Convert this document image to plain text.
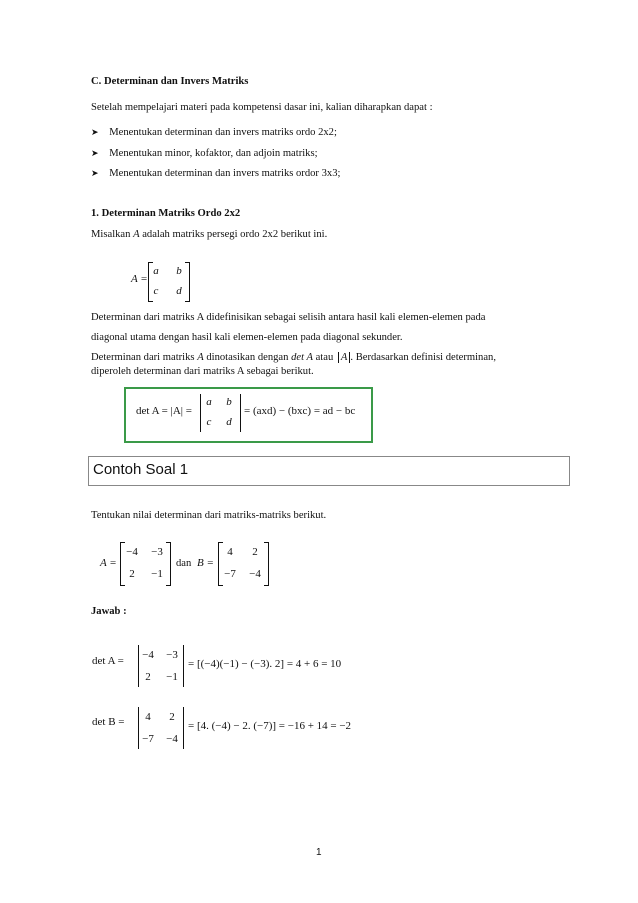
C. Determinan dan Invers Matriks
Setelah mempelajari materi pada kompetensi dasar ini, kalian diharapkan dapat :
➤ Menentukan determinan dan invers matriks ordo 2x2;
➤ Menentukan minor, kofaktor, dan adjoin matriks;
➤ Menentukan determinan dan invers matriks ordor 3x3;
1. Determinan Matriks Ordo 2x2
Misalkan A adalah matriks persegi ordo 2x2 berikut ini.
A =
a	b
c	d
Determinan dari matriks A didefinisikan sebagai selisih antara hasil kali elemen-elemen pada
diagonal utama dengan hasil kali elemen-elemen pada diagonal sekunder.
Determinan dari matriks A dinotasikan dengan det A atau A . Berdasarkan definisi determinan,
diperoleh determinan dari matriks A sebagai berikut.
det A = |A| =
a	b
c	d
= (axd) − (bxc) = ad − bc
Contoh Soal 1
Tentukan nilai determinan dari matriks-matriks berikut.
A =
−4	−3
2	−1
dan B =
4	2
−7	−4
Jawab :
det A =	−4	−3
2	−1
= [(−4)(−1) − (−3). 2] = 4 + 6 = 10
det B =	4	2
−7	−4
= [4. (−4) − 2. (−7)] = −16 + 14 = −2
1
